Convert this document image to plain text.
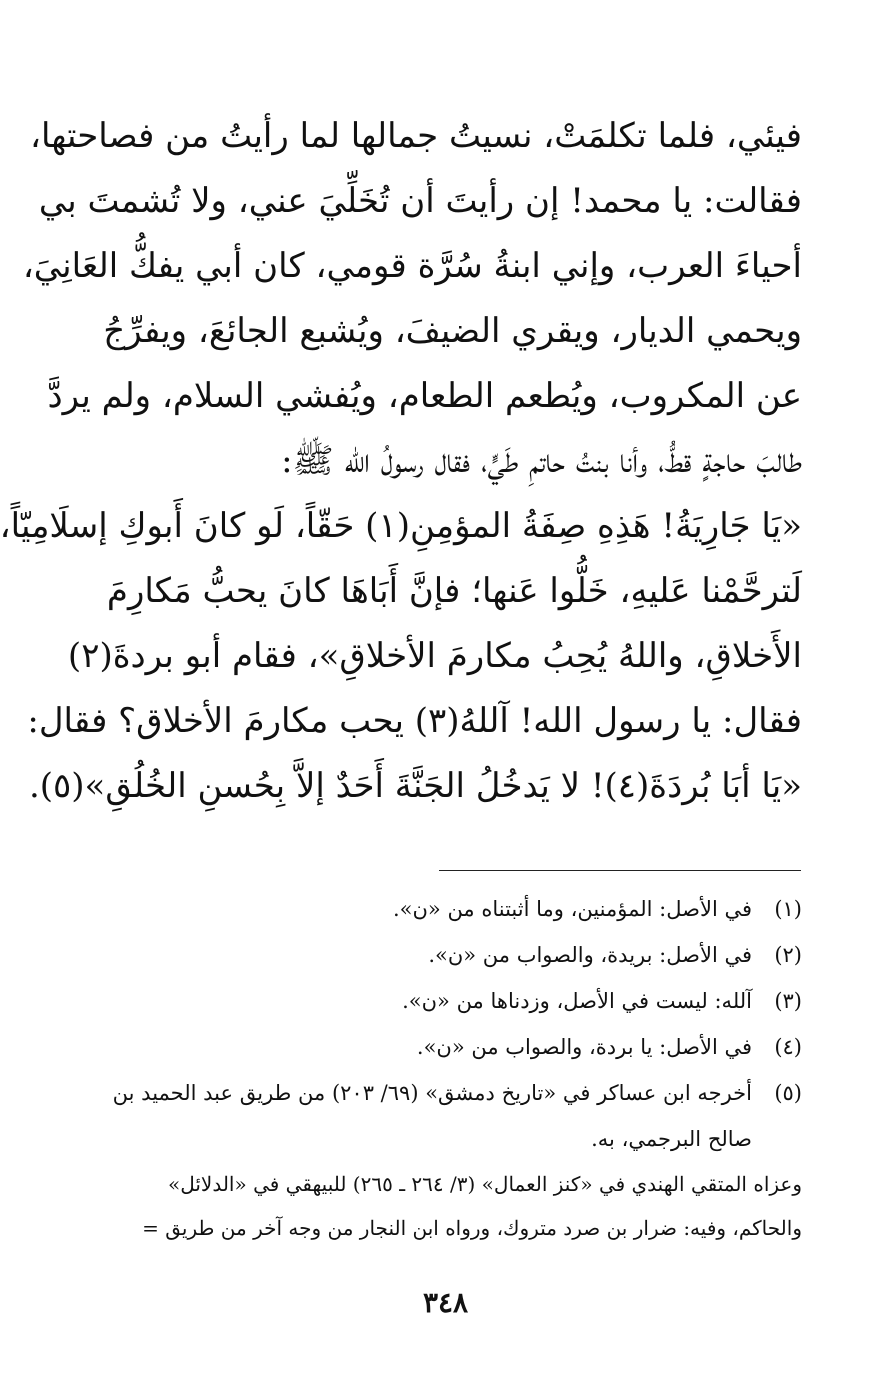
فيئي، فلما تكلمَتْ، نسيتُ جمالها لما رأيتُ من فصاحتها،
فقالت: يا محمد! إن رأيتَ أن تُخَلِّيَ عني، ولا تُشمتَ بي
أحياءَ العرب، وإني ابنةُ سُرَّة قومي، كان أبي يفكُّ العَانِيَ،
ويحمي الديار، ويقري الضيفَ، ويُشبع الجائعَ، ويفرِّجُ
عن المكروب، ويُطعم الطعام، ويُفشي السلام، ولم يردَّ
طالبَ حاجةٍ قطُّ، وأنا بنتُ حاتمِ طَيٍّ، فقال رسولُ الله ﷺ:
«يَا جَارِيَةُ! هَذِهِ صِفَةُ المؤمِنِ(١) حَقّاً، لَو كانَ أَبوكِ إسلَامِيّاً،
لَترحَّمْنا عَليهِ، خَلُّوا عَنها؛ فإنَّ أَبَاهَا كانَ يحبُّ مَكارِمَ
الأَخلاقِ، واللهُ يُحِبُ مكارمَ الأخلاقِ»، فقام أبو بردةَ(٢)
فقال: يا رسول الله! آللهُ(٣) يحب مكارمَ الأخلاق؟ فقال:
«يَا أبَا بُردَةَ(٤)! لا يَدخُلُ الجَنَّةَ أَحَدٌ إلاَّ بِحُسنِ الخُلُقِ»(٥).
(١)
في الأصل: المؤمنين، وما أثبتناه من «ن».
(٢)
في الأصل: بريدة، والصواب من «ن».
(٣)
آلله: ليست في الأصل، وزدناها من «ن».
(٤)
في الأصل: يا بردة، والصواب من «ن».
(٥)
أخرجه ابن عساكر في «تاريخ دمشق» (٦٩/ ٢٠٣) من طريق عبد الحميد بن
صالح البرجمي، به.
وعزاه المتقي الهندي في «كنز العمال» (٣/ ٢٦٤ ـ ٢٦٥) للبيهقي في «الدلائل»
والحاكم، وفيه: ضرار بن صرد متروك، ورواه ابن النجار من وجه آخر من طريق =
٣٤٨
